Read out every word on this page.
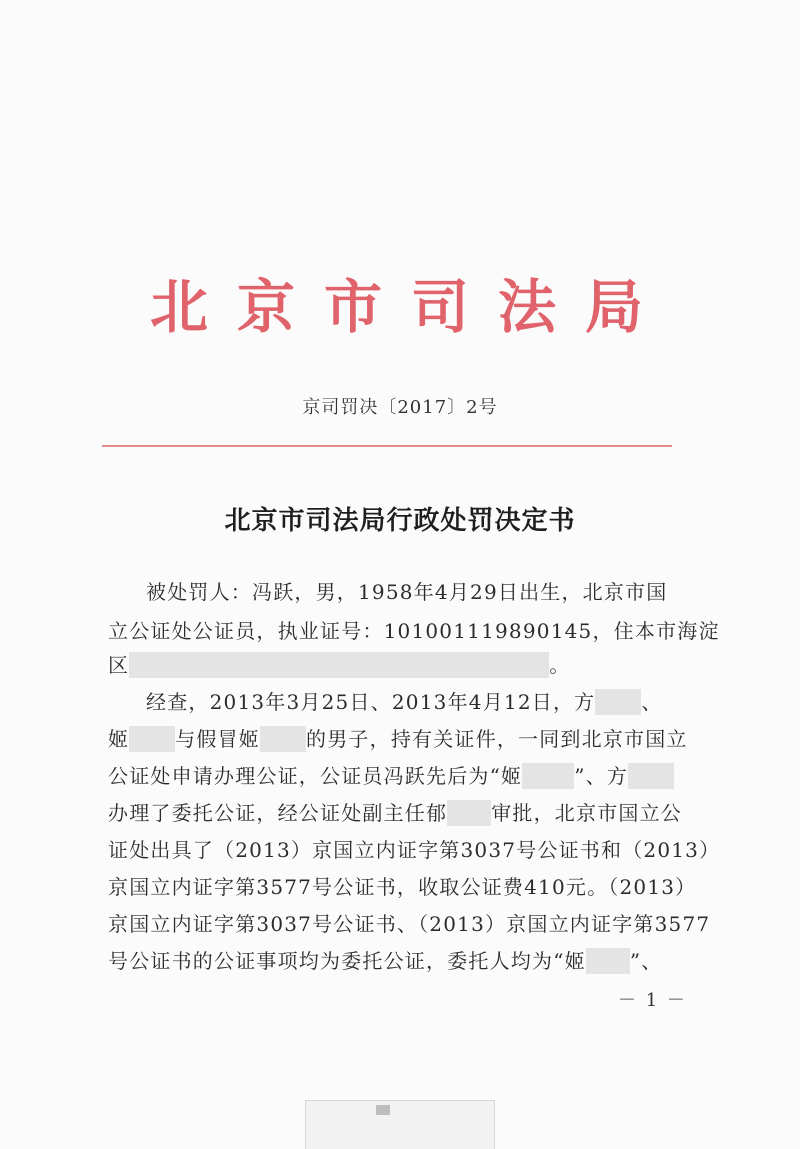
北京市司法局
京司罚决〔2017〕2号
北京市司法局行政处罚决定书
被处罚人：冯跃，男，1958年4月29日出生，北京市国
立公证处公证员，执业证号：101001119890145，住本市海淀
区	。
经查，2013年3月25日、2013年4月12日，方 、
姬 与假冒姬 的男子，持有关证件，一同到北京市国立
公证处申请办理公证，公证员冯跃先后为“姬	”、方
办理了委托公证，经公证处副主任郁 审批，北京市国立公
证处出具了（2013）京国立内证字第3037号公证书和（2013）
京国立内证字第3577号公证书，收取公证费410元。（2013）
京国立内证字第3037号公证书、（2013）京国立内证字第3577
号公证书的公证事项均为委托公证，委托人均为“姬 ”、
－ 1 －
